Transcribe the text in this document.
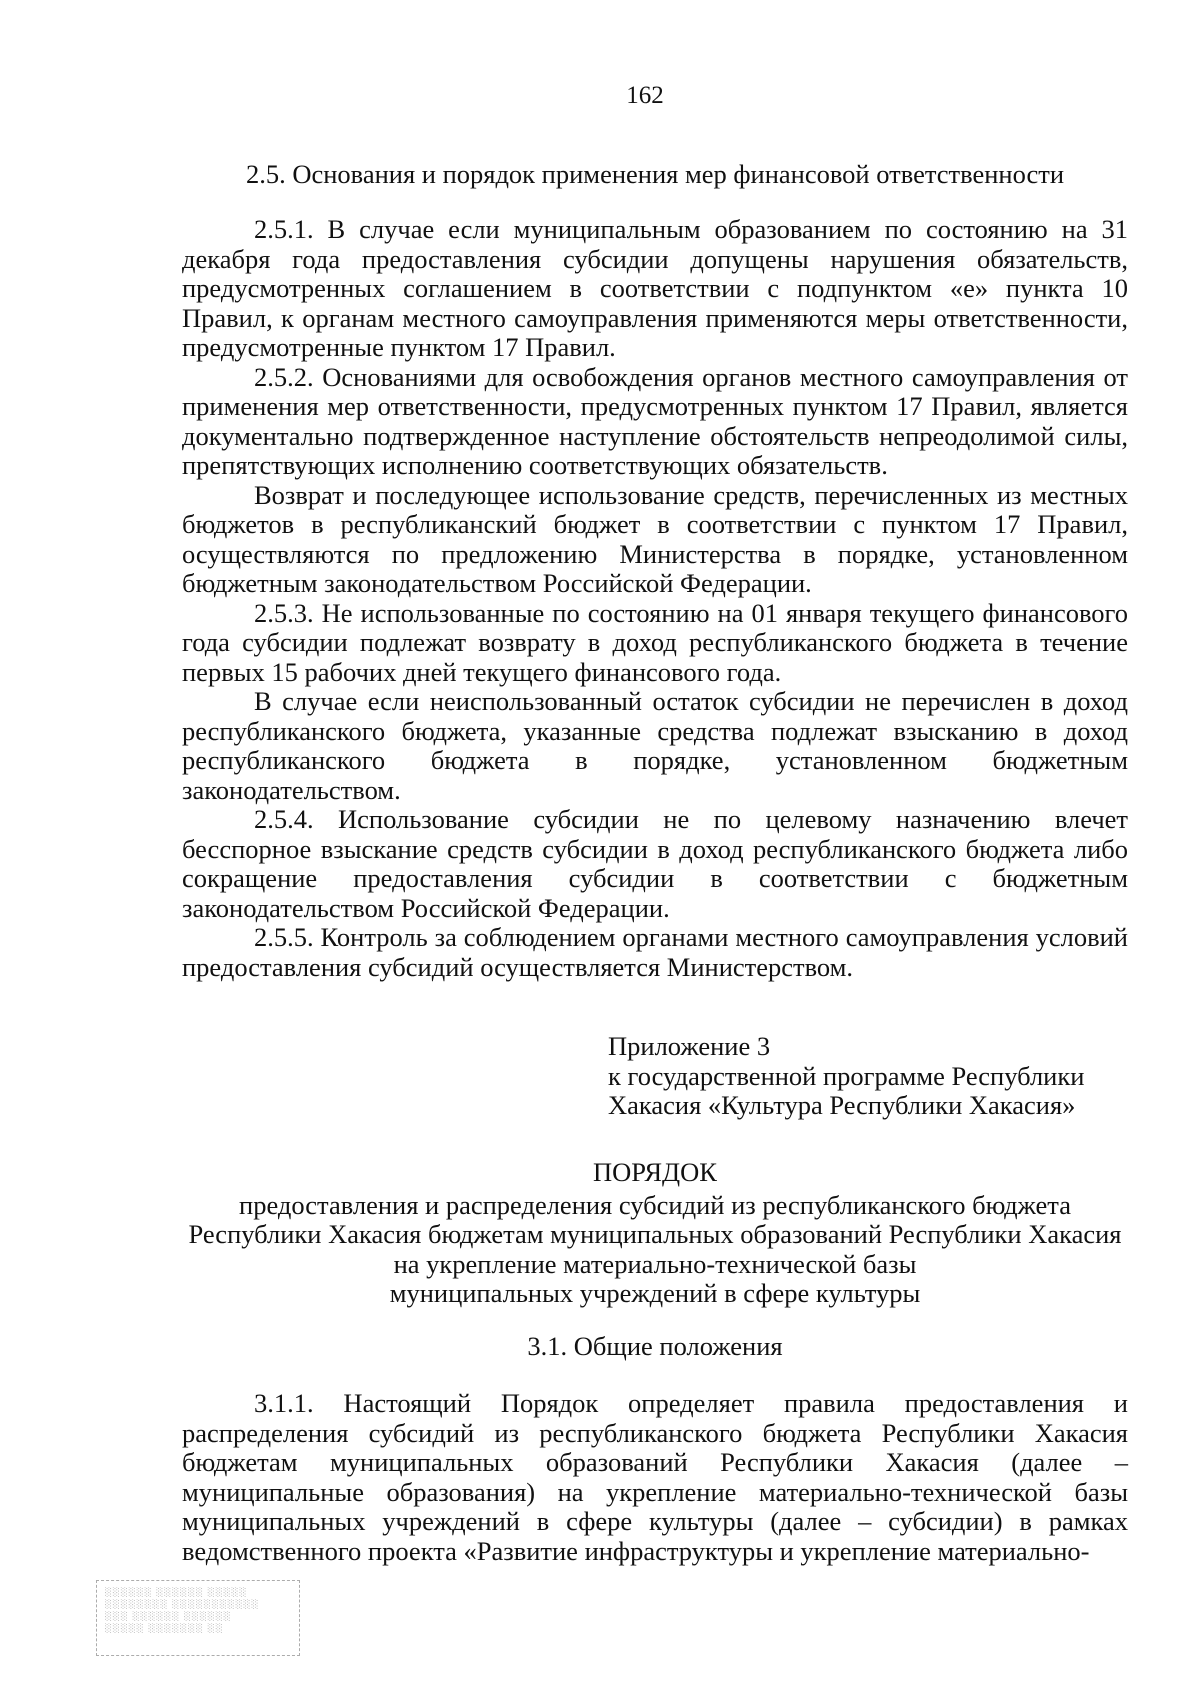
162
2.5. Основания и порядок применения мер финансовой ответственности

2.5.1. В случае если муниципальным образованием по состоянию на 31 декабря года предоставления субсидии допущены нарушения обязательств, предусмотренных соглашением в соответствии с подпунктом «е» пункта 10 Правил, к органам местного самоуправления применяются меры ответственности, предусмотренные пунктом 17 Правил.

2.5.2. Основаниями для освобождения органов местного самоуправления от применения мер ответственности, предусмотренных пунктом 17 Правил, является документально подтвержденное наступление обстоятельств непреодолимой силы, препятствующих исполнению соответствующих обязательств.

Возврат и последующее использование средств, перечисленных из местных бюджетов в республиканский бюджет в соответствии с пунктом 17 Правил, осуществляются по предложению Министерства в порядке, установленном бюджетным законодательством Российской Федерации.

2.5.3. Не использованные по состоянию на 01 января текущего финансового года субсидии подлежат возврату в доход республиканского бюджета в течение первых 15 рабочих дней текущего финансового года.

В случае если неиспользованный остаток субсидии не перечислен в доход республиканского бюджета, указанные средства подлежат взысканию в доход республиканского бюджета в порядке, установленном бюджетным законодательством.

2.5.4. Использование субсидии не по целевому назначению влечет бесспорное взыскание средств субсидии в доход республиканского бюджета либо сокращение предоставления субсидии в соответствии с бюджетным законодательством Российской Федерации.

2.5.5. Контроль за соблюдением органами местного самоуправления условий предоставления субсидий осуществляется Министерством.

Приложение 3
к государственной программе Республики
Хакасия «Культура Республики Хакасия»
ПОРЯДОК
предоставления и распределения субсидий из республиканского бюджета
Республики Хакасия бюджетам муниципальных образований Республики Хакасия
на укрепление материально-технической базы
муниципальных учреждений в сфере культуры
3.1. Общие положения

3.1.1. Настоящий Порядок определяет правила предоставления и распределения субсидий из республиканского бюджета Республики Хакасия бюджетам муниципальных образований Республики Хакасия (далее – муниципальные образования) на укрепление материально-технической базы муниципальных учреждений в сфере культуры (далее – субсидии) в рамках ведомственного проекта «Развитие инфраструктуры и укрепление материально-

░░░░░░ ░░░░░░ ░░░░░
░░░░░░░░ ░░░░░░░░░░░
░░░ ░░░░░░ ░░░░░░
░░░░░ ░░░░░░░ ░░
